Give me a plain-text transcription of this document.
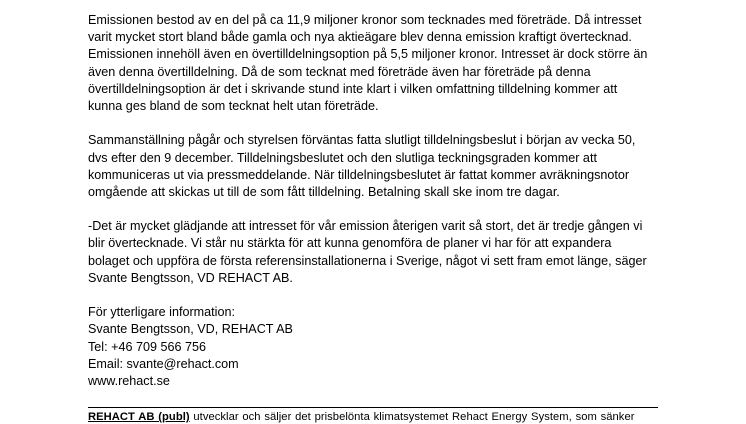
Emissionen bestod av en del på ca 11,9 miljoner kronor som tecknades med företräde. Då intresset
varit mycket stort bland både gamla och nya aktieägare blev denna emission kraftigt övertecknad.
Emissionen innehöll även en övertilldelningsoption på 5,5 miljoner kronor. Intresset är dock större än
även denna övertilldelning. Då de som tecknat med företräde även har företräde på denna
övertilldelningsoption är det i skrivande stund inte klart i vilken omfattning tilldelning kommer att
kunna ges bland de som tecknat helt utan företräde.
Sammanställning pågår och styrelsen förväntas fatta slutligt tilldelningsbeslut i början av vecka 50,
dvs efter den 9 december. Tilldelningsbeslutet och den slutliga teckningsgraden kommer att
kommuniceras ut via pressmeddelande. När tilldelningsbeslutet är fattat kommer avräkningsnotor
omgående att skickas ut till de som fått tilldelning. Betalning skall ske inom tre dagar.
-Det är mycket glädjande att intresset för vår emission återigen varit så stort, det är tredje gången vi
blir övertecknade. Vi står nu stärkta för att kunna genomföra de planer vi har för att expandera
bolaget och uppföra de första referensinstallationerna i Sverige, något vi sett fram emot länge, säger
Svante Bengtsson, VD REHACT AB.
För ytterligare information:
Svante Bengtsson, VD, REHACT AB
Tel: +46 709 566 756
Email: svante@rehact.com
www.rehact.se
REHACT AB (publ) utvecklar och säljer det prisbelönta klimatsystemet Rehact Energy System, som sänker
